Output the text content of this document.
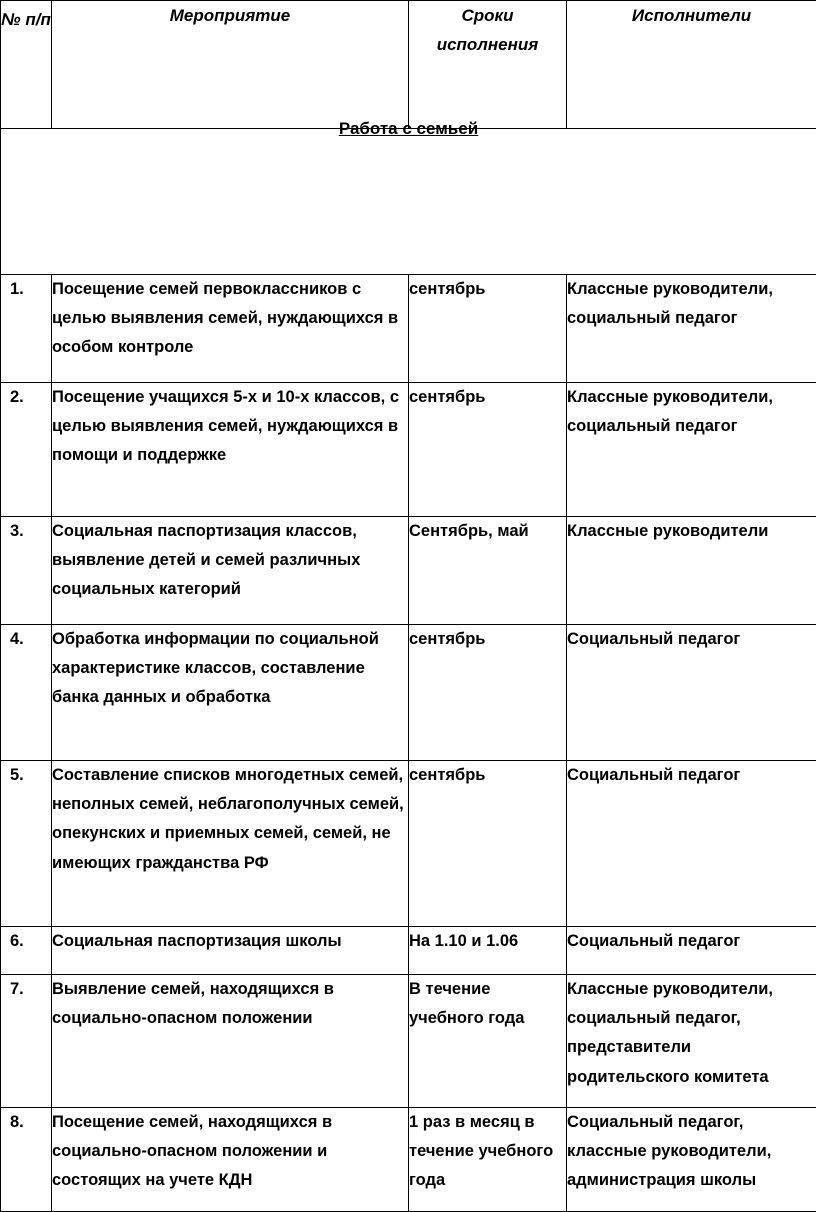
№ п/п	Мероприятие	Сроки исполнения	Исполнители
Работа с семьей			
1.	Посещение семей первоклассников с целью выявления семей, нуждающихся в особом контроле	сентябрь	Классные руководители, социальный педагог
2.	Посещение учащихся 5-х и 10-х классов, с целью выявления семей, нуждающихся в помощи и поддержке	сентябрь	Классные руководители, социальный педагог
3.	Социальная паспортизация классов, выявление детей и семей различных социальных категорий	Сентябрь, май	Классные руководители
4.	Обработка информации по социальной характеристике классов, составление банка данных и обработка	сентябрь	Социальный педагог
5.	Составление списков многодетных семей, неполных семей, неблагополучных семей, опекунских и приемных семей, семей, не имеющих гражданства РФ	сентябрь	Социальный педагог
6.	Социальная паспортизация школы	На 1.10 и 1.06	Социальный педагог
7.	Выявление семей, находящихся в социально-опасном положении	В течение учебного года	Классные руководители, социальный педагог, представители родительского комитета
8.	Посещение семей, находящихся в социально-опасном положении и состоящих на учете КДН	1 раз в месяц в течение учебного года	Социальный педагог, классные руководители, администрация школы
